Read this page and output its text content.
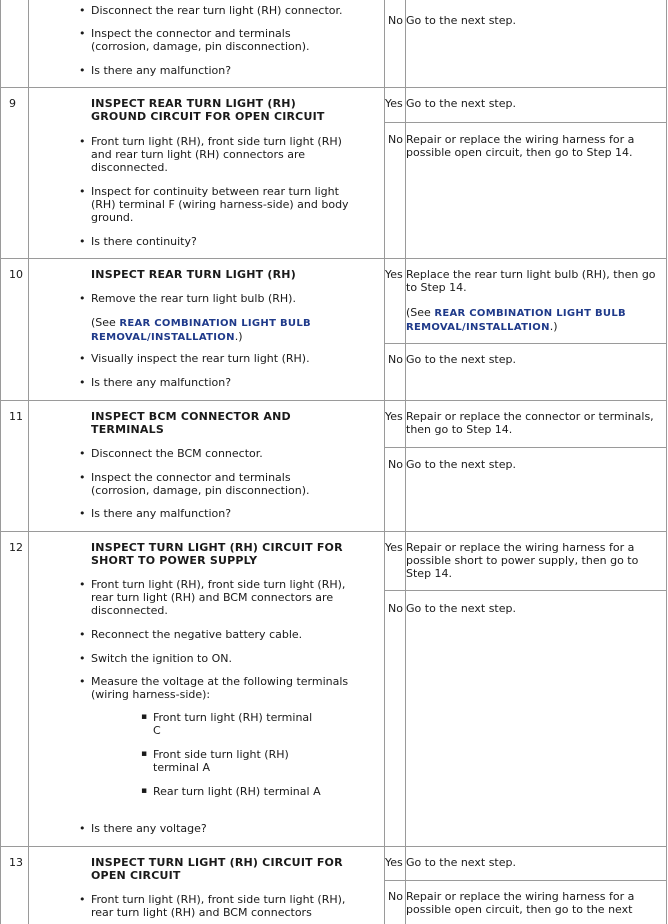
• Disconnect the rear turn light (RH) connector.
• Inspect the connector and terminals (corrosion, damage, pin disconnection).
• Is there any malfunction?
No Go to the next step.
9	INSPECT REAR TURN LIGHT (RH) GROUND CIRCUIT FOR OPEN CIRCUIT
• Front turn light (RH), front side turn light (RH) and rear turn light (RH) connectors are disconnected.
• Inspect for continuity between rear turn light (RH) terminal F (wiring harness-side) and body ground.
• Is there continuity?
Yes Go to the next step.
No Repair or replace the wiring harness for a possible open circuit, then go to Step 14.
10	INSPECT REAR TURN LIGHT (RH)
• Remove the rear turn light bulb (RH).
(See REAR COMBINATION LIGHT BULB REMOVAL/INSTALLATION.)
• Visually inspect the rear turn light (RH).
• Is there any malfunction?
Yes Replace the rear turn light bulb (RH), then go to Step 14.
(See REAR COMBINATION LIGHT BULB REMOVAL/INSTALLATION.)
No Go to the next step.
11	INSPECT BCM CONNECTOR AND TERMINALS
• Disconnect the BCM connector.
• Inspect the connector and terminals (corrosion, damage, pin disconnection).
• Is there any malfunction?
Yes Repair or replace the connector or terminals, then go to Step 14.
No Go to the next step.
12	INSPECT TURN LIGHT (RH) CIRCUIT FOR SHORT TO POWER SUPPLY
• Front turn light (RH), front side turn light (RH), rear turn light (RH) and BCM connectors are disconnected.
• Reconnect the negative battery cable.
• Switch the ignition to ON.
• Measure the voltage at the following terminals (wiring harness-side):
▪ Front turn light (RH) terminal C
▪ Front side turn light (RH) terminal A
▪ Rear turn light (RH) terminal A
• Is there any voltage?
Yes Repair or replace the wiring harness for a possible short to power supply, then go to Step 14.
No Go to the next step.
13	INSPECT TURN LIGHT (RH) CIRCUIT FOR OPEN CIRCUIT
• Front turn light (RH), front side turn light (RH), rear turn light (RH) and BCM connectors
Yes Go to the next step.
No Repair or replace the wiring harness for a possible open circuit, then go to the next
